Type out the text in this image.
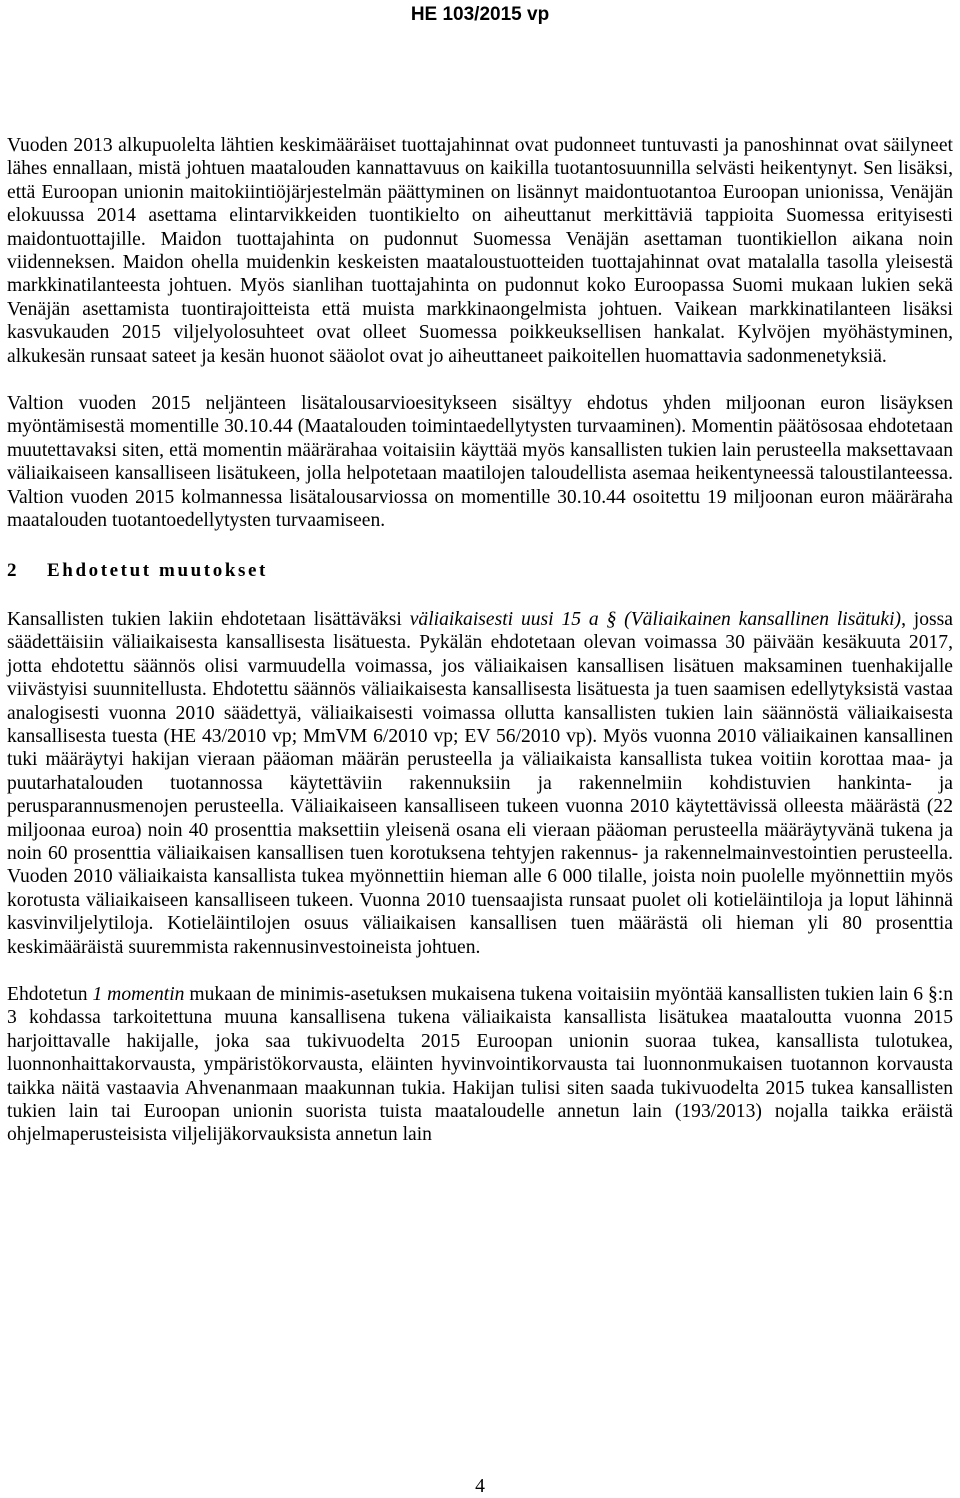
HE 103/2015 vp

Vuoden 2013 alkupuolelta lähtien keskimääräiset tuottajahinnat ovat pudonneet tuntuvasti ja panoshinnat ovat säilyneet lähes ennallaan, mistä johtuen maatalouden kannattavuus on kaikilla tuotantosuunnilla selvästi heikentynyt. Sen lisäksi, että Euroopan unionin maitokiintiöjärjestelmän päättyminen on lisännyt maidontuotantoa Euroopan unionissa, Venäjän elokuussa 2014 asettama elintarvikkeiden tuontikielto on aiheuttanut merkittäviä tappioita Suomessa erityisesti maidontuottajille. Maidon tuottajahinta on pudonnut Suomessa Venäjän asettaman tuontikiellon aikana noin viidenneksen. Maidon ohella muidenkin keskeisten maataloustuotteiden tuottajahinnat ovat matalalla tasolla yleisestä markkinatilanteesta johtuen. Myös sianlihan tuottajahinta on pudonnut koko Euroopassa Suomi mukaan lukien sekä Venäjän asettamista tuontirajoitteista että muista markkinaongelmista johtuen. Vaikean markkinatilanteen lisäksi kasvukauden 2015 viljelyolosuhteet ovat olleet Suomessa poikkeuksellisen hankalat. Kylvöjen myöhästyminen, alkukesän runsaat sateet ja kesän huonot sääolot ovat jo aiheuttaneet paikoitellen huomattavia sadonmenetyksiä.

Valtion vuoden 2015 neljänteen lisätalousarvioesitykseen sisältyy ehdotus yhden miljoonan euron lisäyksen myöntämisestä momentille 30.10.44 (Maatalouden toimintaedellytysten turvaaminen). Momentin päätösosaa ehdotetaan muutettavaksi siten, että momentin määrärahaa voitaisiin käyttää myös kansallisten tukien lain perusteella maksettavaan väliaikaiseen kansalliseen lisätukeen, jolla helpotetaan maatilojen taloudellista asemaa heikentyneessä taloustilanteessa. Valtion vuoden 2015 kolmannessa lisätalousarviossa on momentille 30.10.44 osoitettu 19 miljoonan euron määräraha maatalouden tuotantoedellytysten turvaamiseen.

2 Ehdotetut muutokset

Kansallisten tukien lakiin ehdotetaan lisättäväksi väliaikaisesti uusi 15 a § (Väliaikainen kansallinen lisätuki), jossa säädettäisiin väliaikaisesta kansallisesta lisätuesta. Pykälän ehdotetaan olevan voimassa 30 päivään kesäkuuta 2017, jotta ehdotettu säännös olisi varmuudella voimassa, jos väliaikaisen kansallisen lisätuen maksaminen tuenhakijalle viivästyisi suunnitellusta. Ehdotettu säännös väliaikaisesta kansallisesta lisätuesta ja tuen saamisen edellytyksistä vastaa analogisesti vuonna 2010 säädettyä, väliaikaisesti voimassa ollutta kansallisten tukien lain säännöstä väliaikaisesta kansallisesta tuesta (HE 43/2010 vp; MmVM 6/2010 vp; EV 56/2010 vp). Myös vuonna 2010 väliaikainen kansallinen tuki määräytyi hakijan vieraan pääoman määrän perusteella ja väliaikaista kansallista tukea voitiin korottaa maa- ja puutarhatalouden tuotannossa käytettäviin rakennuksiin ja rakennelmiin kohdistuvien hankinta- ja perusparannusmenojen perusteella. Väliaikaiseen kansalliseen tukeen vuonna 2010 käytettävissä olleesta määrästä (22 miljoonaa euroa) noin 40 prosenttia maksettiin yleisenä osana eli vieraan pääoman perusteella määräytyvänä tukena ja noin 60 prosenttia väliaikaisen kansallisen tuen korotuksena tehtyjen rakennus- ja rakennelmainvestointien perusteella. Vuoden 2010 väliaikaista kansallista tukea myönnettiin hieman alle 6 000 tilalle, joista noin puolelle myönnettiin myös korotusta väliaikaiseen kansalliseen tukeen. Vuonna 2010 tuensaajista runsaat puolet oli kotieläintiloja ja loput lähinnä kasvinviljelytiloja. Kotieläintilojen osuus väliaikaisen kansallisen tuen määrästä oli hieman yli 80 prosenttia keskimääräistä suuremmista rakennusinvestoineista johtuen.

Ehdotetun 1 momentin mukaan de minimis-asetuksen mukaisena tukena voitaisiin myöntää kansallisten tukien lain 6 §:n 3 kohdassa tarkoitettuna muuna kansallisena tukena väliaikaista kansallista lisätukea maataloutta vuonna 2015 harjoittavalle hakijalle, joka saa tukivuodelta 2015 Euroopan unionin suoraa tukea, kansallista tulotukea, luonnonhaittakorvausta, ympäristökorvausta, eläinten hyvinvointikorvausta tai luonnonmukaisen tuotannon korvausta taikka näitä vastaavia Ahvenanmaan maakunnan tukia. Hakijan tulisi siten saada tukivuodelta 2015 tukea kansallisten tukien lain tai Euroopan unionin suorista tuista maataloudelle annetun lain (193/2013) nojalla taikka eräistä ohjelmaperusteisista viljelijäkorvauksista annetun lain

4
